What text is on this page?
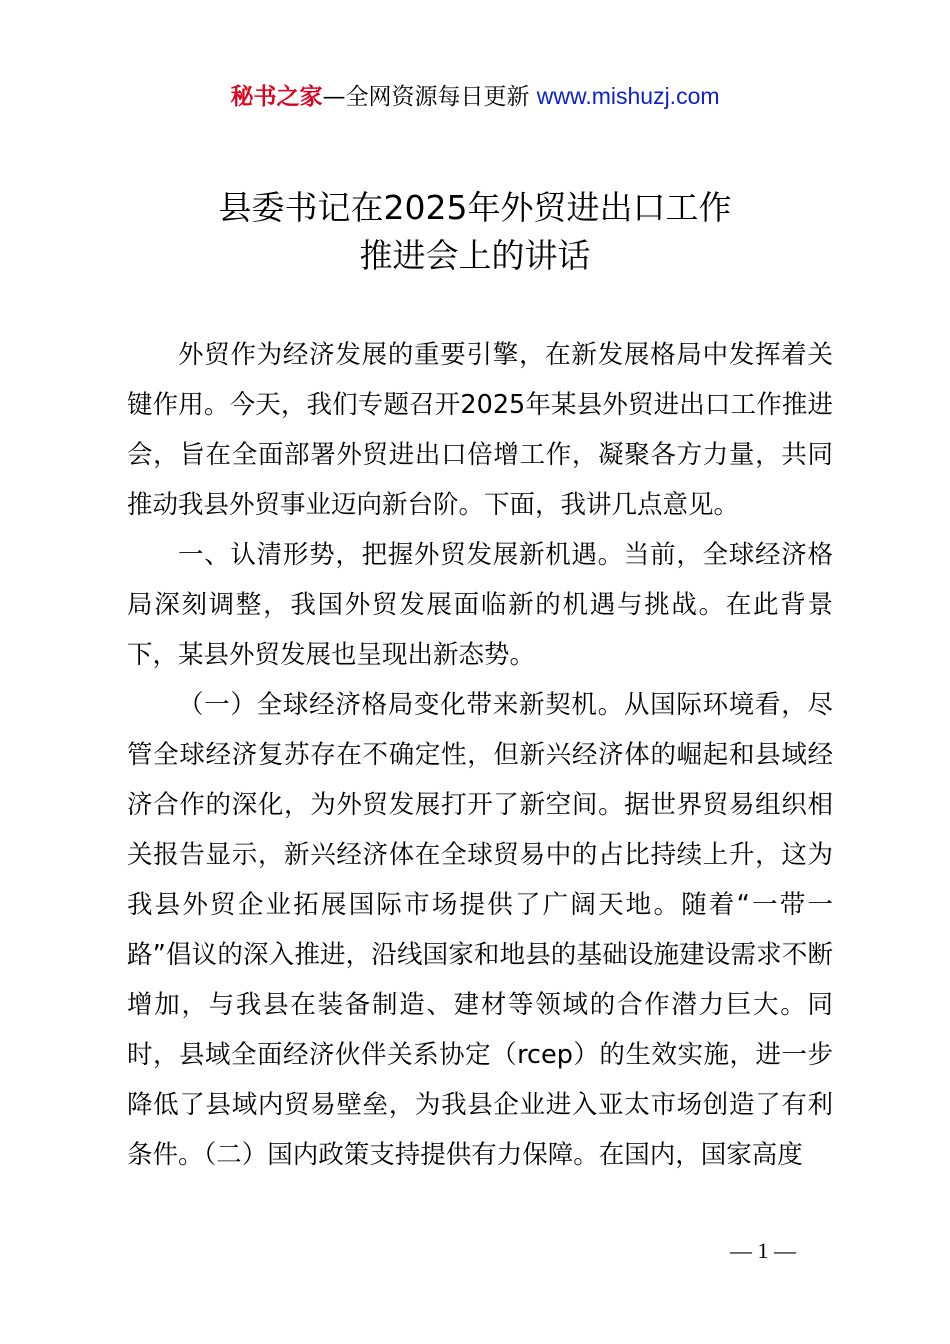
秘书之家—全网资源每日更新 www.mishuzj.com
县委书记在2025年外贸进出口工作
推进会上的讲话

外贸作为经济发展的重要引擎，在新发展格局中发挥着关键作用。今天，我们专题召开2025年某县外贸进出口工作推进会，旨在全面部署外贸进出口倍增工作，凝聚各方力量，共同推动我县外贸事业迈向新台阶。下面，我讲几点意见。

一、认清形势，把握外贸发展新机遇。当前，全球经济格局深刻调整，我国外贸发展面临新的机遇与挑战。在此背景下，某县外贸发展也呈现出新态势。

（一）全球经济格局变化带来新契机。从国际环境看，尽管全球经济复苏存在不确定性，但新兴经济体的崛起和县域经济合作的深化，为外贸发展打开了新空间。据世界贸易组织相关报告显示，新兴经济体在全球贸易中的占比持续上升，这为我县外贸企业拓展国际市场提供了广阔天地。随着“一带一路”倡议的深入推进，沿线国家和地县的基础设施建设需求不断增加，与我县在装备制造、建材等领域的合作潜力巨大。同时，县域全面经济伙伴关系协定（rcep）的生效实施，进一步降低了县域内贸易壁垒，为我县企业进入亚太市场创造了有利条件。（二）国内政策支持提供有力保障。在国内，国家高度

— 1 —
